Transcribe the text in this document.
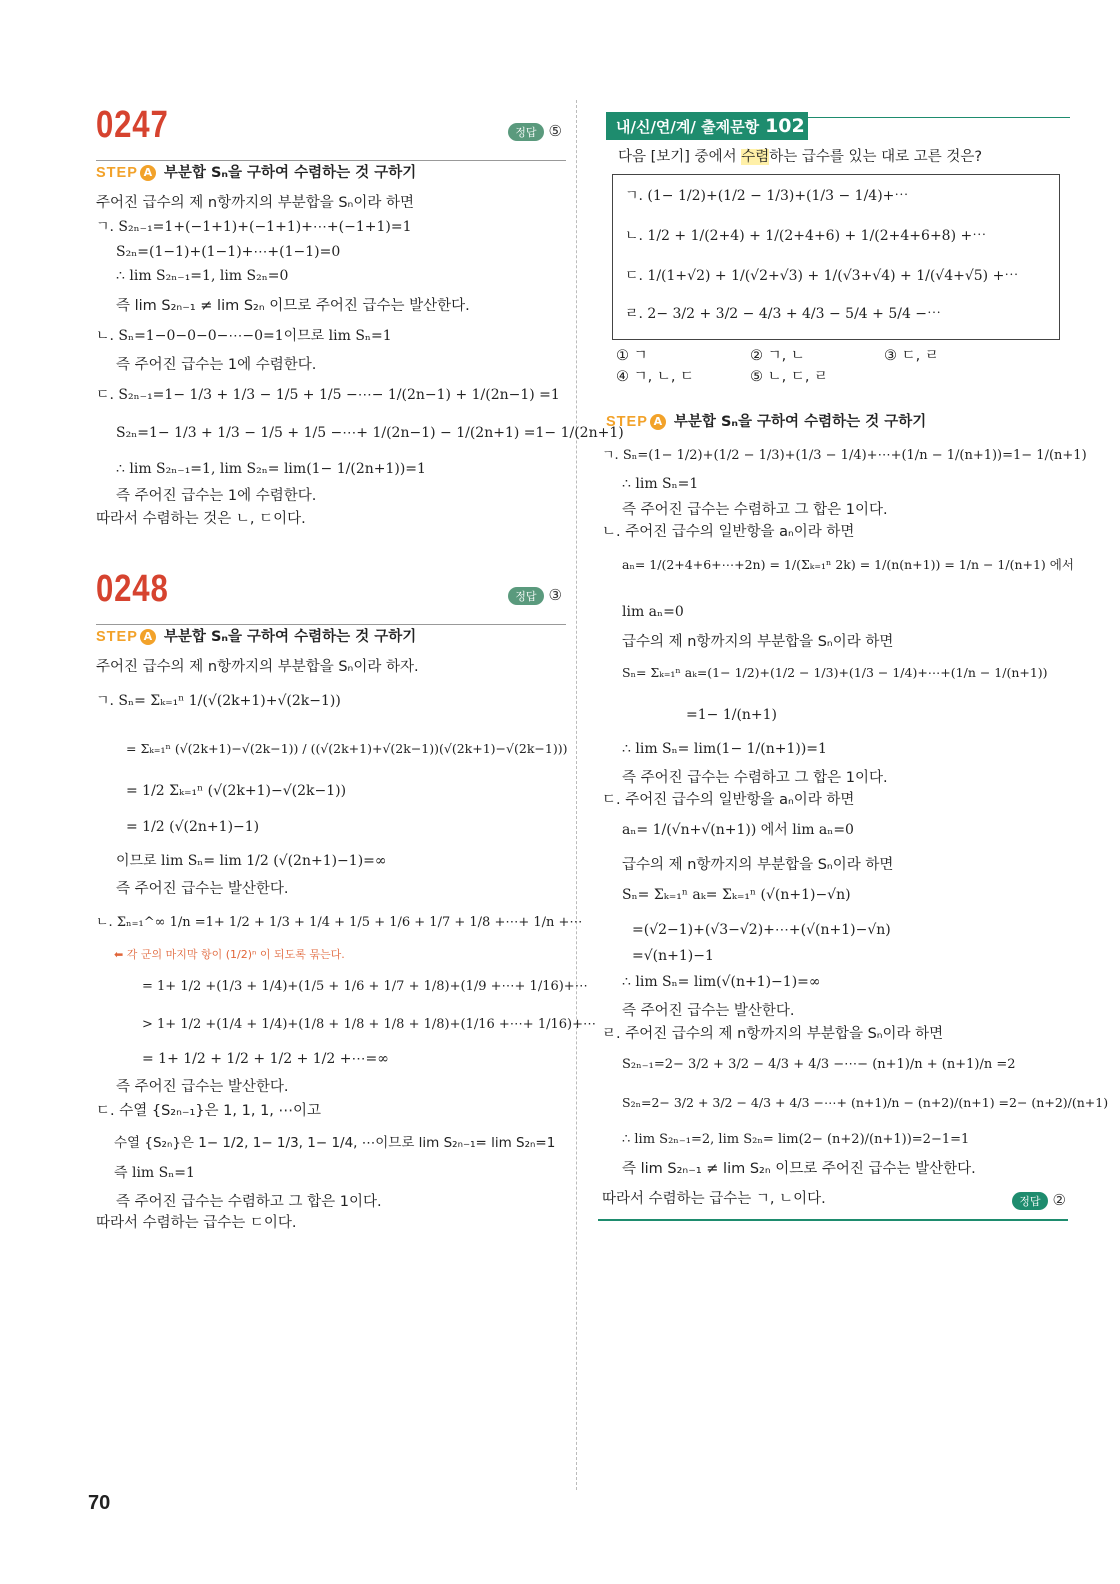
0247	정답 ⑤
STEP A 부분합 Sₙ을 구하여 수렴하는 것 구하기
주어진 급수의 제 n항까지의 부분합을 Sₙ이라 하면
ㄱ. S₂ₙ₋₁=1+(−1+1)+(−1+1)+⋯+(−1+1)=1
S₂ₙ=(1−1)+(1−1)+⋯+(1−1)=0
∴ lim S₂ₙ₋₁=1, lim S₂ₙ=0
즉 lim S₂ₙ₋₁ ≠ lim S₂ₙ 이므로 주어진 급수는 발산한다.
ㄴ. Sₙ=1−0−0−0−⋯−0=1이므로 lim Sₙ=1
즉 주어진 급수는 1에 수렴한다.
ㄷ. S₂ₙ₋₁=1− 1/3 + 1/3 − 1/5 + 1/5 −⋯− 1/(2n−1) + 1/(2n−1) =1
S₂ₙ=1− 1/3 + 1/3 − 1/5 + 1/5 −⋯+ 1/(2n−1) − 1/(2n+1) =1− 1/(2n+1)
∴ lim S₂ₙ₋₁=1, lim S₂ₙ= lim(1− 1/(2n+1))=1
즉 주어진 급수는 1에 수렴한다.
따라서 수렴하는 것은 ㄴ, ㄷ이다.
0248	정답 ③
STEP A 부분합 Sₙ을 구하여 수렴하는 것 구하기
주어진 급수의 제 n항까지의 부분합을 Sₙ이라 하자.
ㄱ. Sₙ= Σₖ₌₁ⁿ 1/(√(2k+1)+√(2k−1))
= Σₖ₌₁ⁿ (√(2k+1)−√(2k−1)) / ((√(2k+1)+√(2k−1))(√(2k+1)−√(2k−1)))
= 1/2 Σₖ₌₁ⁿ (√(2k+1)−√(2k−1))
= 1/2 (√(2n+1)−1)
이므로 lim Sₙ= lim 1/2 (√(2n+1)−1)=∞
즉 주어진 급수는 발산한다.
ㄴ. Σₙ₌₁^∞ 1/n =1+ 1/2 + 1/3 + 1/4 + 1/5 + 1/6 + 1/7 + 1/8 +⋯+ 1/n +⋯
⬅ 각 군의 마지막 항이 (1/2)ⁿ 이 되도록 묶는다.
= 1+ 1/2 +(1/3 + 1/4)+(1/5 + 1/6 + 1/7 + 1/8)+(1/9 +⋯+ 1/16)+⋯
> 1+ 1/2 +(1/4 + 1/4)+(1/8 + 1/8 + 1/8 + 1/8)+(1/16 +⋯+ 1/16)+⋯
= 1+ 1/2 + 1/2 + 1/2 + 1/2 +⋯=∞
즉 주어진 급수는 발산한다.
ㄷ. 수열 {S₂ₙ₋₁}은 1, 1, 1, ⋯이고
수열 {S₂ₙ}은 1− 1/2, 1− 1/3, 1− 1/4, ⋯이므로 lim S₂ₙ₋₁= lim S₂ₙ=1
즉 lim Sₙ=1
즉 주어진 급수는 수렴하고 그 합은 1이다.
따라서 수렴하는 급수는 ㄷ이다.
내/신/연/계/ 출제문항 102
다음 [보기] 중에서 수렴하는 급수를 있는 대로 고른 것은?
ㄱ. (1− 1/2)+(1/2 − 1/3)+(1/3 − 1/4)+⋯
ㄴ. 1/2 + 1/(2+4) + 1/(2+4+6) + 1/(2+4+6+8) +⋯
ㄷ. 1/(1+√2) + 1/(√2+√3) + 1/(√3+√4) + 1/(√4+√5) +⋯
ㄹ. 2− 3/2 + 3/2 − 4/3 + 4/3 − 5/4 + 5/4 −⋯
① ㄱ	② ㄱ, ㄴ	③ ㄷ, ㄹ
④ ㄱ, ㄴ, ㄷ	⑤ ㄴ, ㄷ, ㄹ
STEP A 부분합 Sₙ을 구하여 수렴하는 것 구하기
ㄱ. Sₙ=(1− 1/2)+(1/2 − 1/3)+(1/3 − 1/4)+⋯+(1/n − 1/(n+1))=1− 1/(n+1)
∴ lim Sₙ=1
즉 주어진 급수는 수렴하고 그 합은 1이다.
ㄴ. 주어진 급수의 일반항을 aₙ이라 하면
aₙ= 1/(2+4+6+⋯+2n) = 1/(Σₖ₌₁ⁿ 2k) = 1/(n(n+1)) = 1/n − 1/(n+1) 에서
lim aₙ=0
급수의 제 n항까지의 부분합을 Sₙ이라 하면
Sₙ= Σₖ₌₁ⁿ aₖ=(1− 1/2)+(1/2 − 1/3)+(1/3 − 1/4)+⋯+(1/n − 1/(n+1))
=1− 1/(n+1)
∴ lim Sₙ= lim(1− 1/(n+1))=1
즉 주어진 급수는 수렴하고 그 합은 1이다.
ㄷ. 주어진 급수의 일반항을 aₙ이라 하면
aₙ= 1/(√n+√(n+1)) 에서 lim aₙ=0
급수의 제 n항까지의 부분합을 Sₙ이라 하면
Sₙ= Σₖ₌₁ⁿ aₖ= Σₖ₌₁ⁿ (√(n+1)−√n)
=(√2−1)+(√3−√2)+⋯+(√(n+1)−√n)
=√(n+1)−1
∴ lim Sₙ= lim(√(n+1)−1)=∞
즉 주어진 급수는 발산한다.
ㄹ. 주어진 급수의 제 n항까지의 부분합을 Sₙ이라 하면
S₂ₙ₋₁=2− 3/2 + 3/2 − 4/3 + 4/3 −⋯− (n+1)/n + (n+1)/n =2
S₂ₙ=2− 3/2 + 3/2 − 4/3 + 4/3 −⋯+ (n+1)/n − (n+2)/(n+1) =2− (n+2)/(n+1)
∴ lim S₂ₙ₋₁=2, lim S₂ₙ= lim(2− (n+2)/(n+1))=2−1=1
즉 lim S₂ₙ₋₁ ≠ lim S₂ₙ 이므로 주어진 급수는 발산한다.
따라서 수렴하는 급수는 ㄱ, ㄴ이다.	정답 ②
70
